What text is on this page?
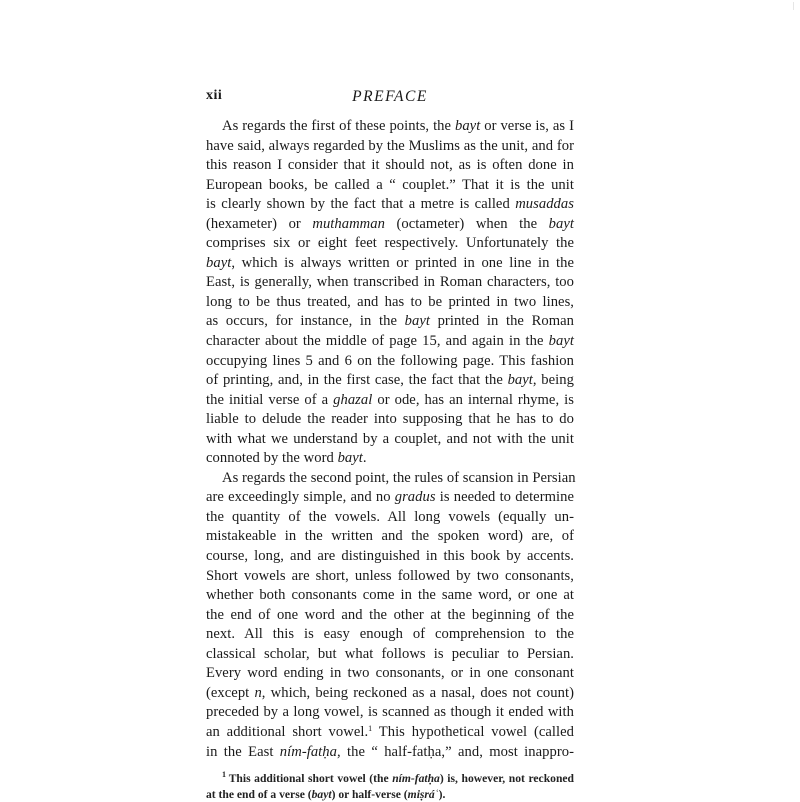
xii	PREFACE
As regards the first of these points, the bayt or verse is, as I
have said, always regarded by the Muslims as the unit, and for
this reason I consider that it should not, as is often done in
European books, be called a “ couplet.” That it is the unit
is clearly shown by the fact that a metre is called musaddas
(hexameter) or muthamman (octameter) when the bayt
comprises six or eight feet respectively. Unfortunately the
bayt, which is always written or printed in one line in the
East, is generally, when transcribed in Roman characters, too
long to be thus treated, and has to be printed in two lines,
as occurs, for instance, in the bayt printed in the Roman
character about the middle of page 15, and again in the bayt
occupying lines 5 and 6 on the following page. This fashion
of printing, and, in the first case, the fact that the bayt, being
the initial verse of a ghazal or ode, has an internal rhyme, is
liable to delude the reader into supposing that he has to do
with what we understand by a couplet, and not with the unit
connoted by the word bayt.
As regards the second point, the rules of scansion in Persian
are exceedingly simple, and no gradus is needed to determine
the quantity of the vowels. All long vowels (equally un-
mistakeable in the written and the spoken word) are, of
course, long, and are distinguished in this book by accents.
Short vowels are short, unless followed by two consonants,
whether both consonants come in the same word, or one at
the end of one word and the other at the beginning of the
next. All this is easy enough of comprehension to the
classical scholar, but what follows is peculiar to Persian.
Every word ending in two consonants, or in one consonant
(except n, which, being reckoned as a nasal, does not count)
preceded by a long vowel, is scanned as though it ended with
an additional short vowel.$^1$ This hypothetical vowel (called
in the East ním-fatḥa, the “ half-fatḥa,” and, most inappro-
$^1$ This additional short vowel (the ním-fatḥa) is, however, not reckoned
at the end of a verse (bayt) or half-verse (miṣráʿ).
